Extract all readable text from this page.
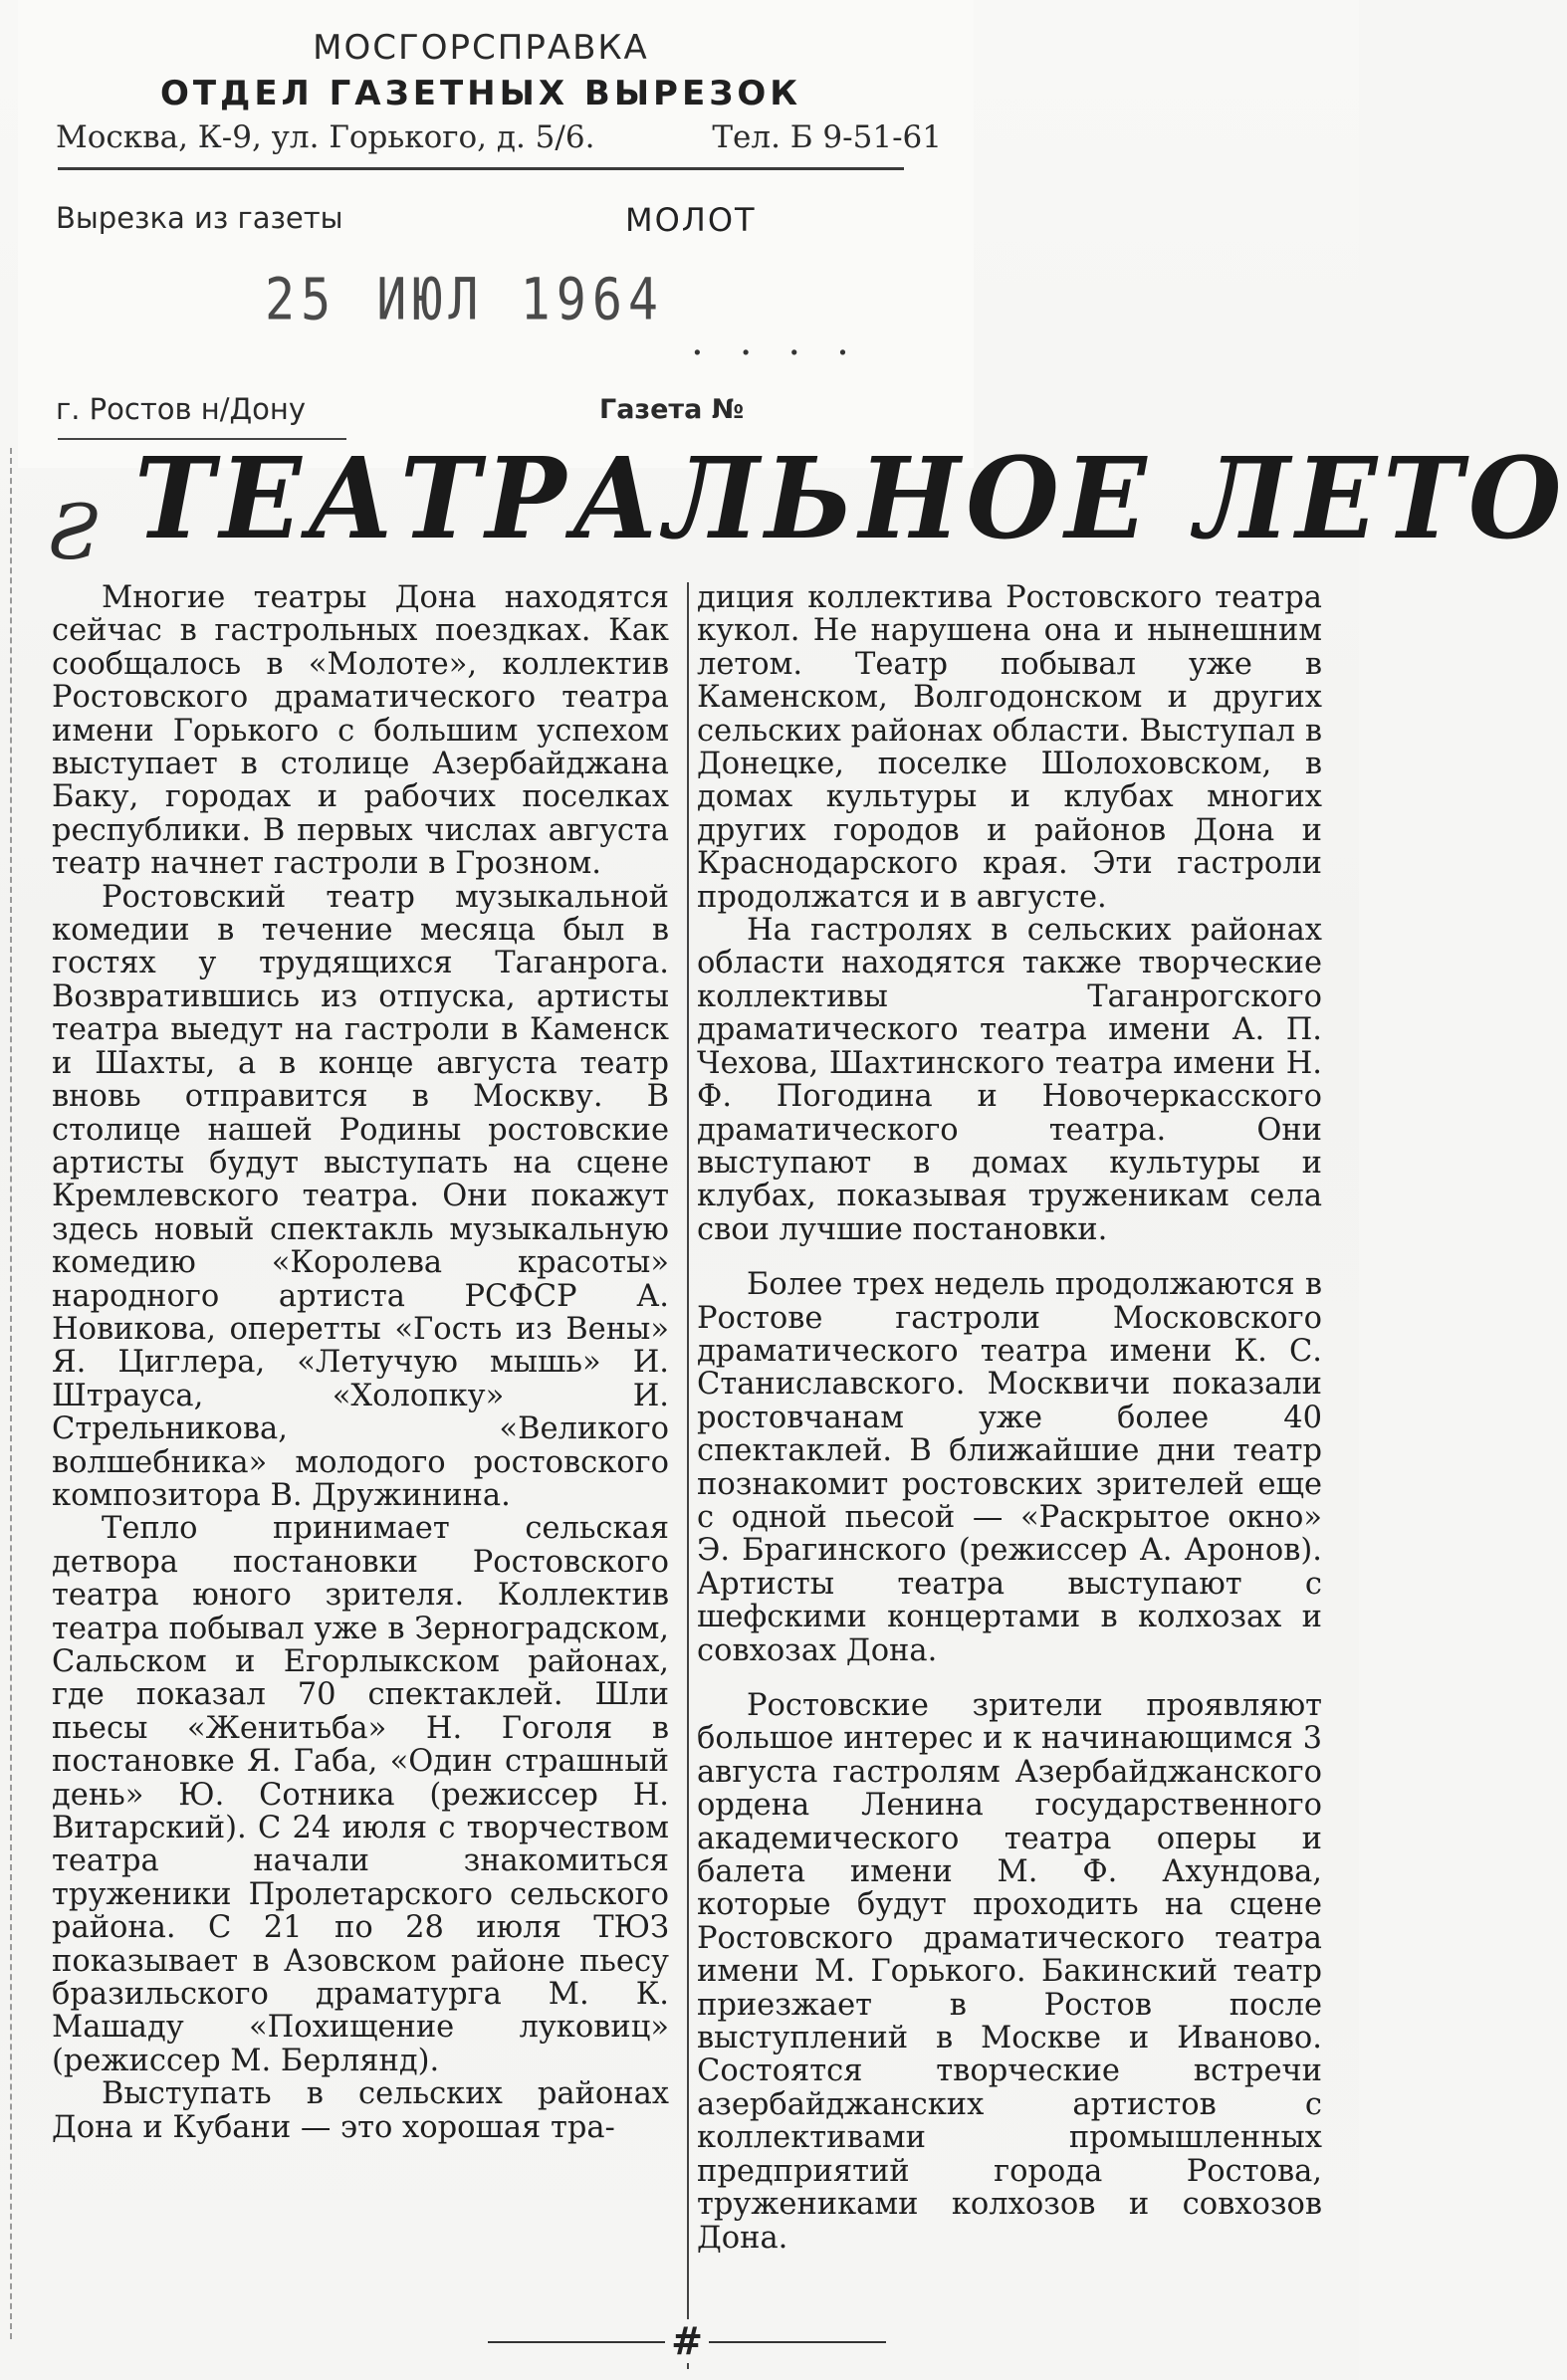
МОСГОРСПРАВКА
ОТДЕЛ ГАЗЕТНЫХ ВЫРЕЗОК
Москва, К-9, ул. Горького, д. 5/6.	Тел. Б 9-51-61
Вырезка из газеты	МОЛОТ
25 ИЮЛ 1964
....
г. Ростов н/Дону	Газета №
Ƨ ТЕАТРАЛЬНОЕ ЛЕТО

Многие театры Дона находятся сейчас в гастрольных поездках. Как сообщалось в «Молоте», коллектив Ростовского драматического театра имени Горького с большим успехом выступает в столице Азербайджана Баку, городах и рабочих поселках республики. В первых числах августа театр начнет гастроли в Грозном.

Ростовский театр музыкальной комедии в течение месяца был в гостях у трудящихся Таганрога. Возвратившись из отпуска, артисты театра выедут на гастроли в Каменск и Шахты, а в конце августа театр вновь отправится в Москву. В столице нашей Родины ростовские артисты будут выступать на сцене Кремлевского театра. Они покажут здесь новый спектакль музыкальную комедию «Королева красоты» народного артиста РСФСР А. Новикова, оперетты «Гость из Вены» Я. Циглера, «Летучую мышь» И. Штрауса, «Холопку» И. Стрельникова, «Великого волшебника» молодого ростовского композитора В. Дружинина.

Тепло принимает сельская детвора постановки Ростовского театра юного зрителя. Коллектив театра побывал уже в Зерноградском, Сальском и Егорлыкском районах, где показал 70 спектаклей. Шли пьесы «Женитьба» Н. Гоголя в постановке Я. Габа, «Один страшный день» Ю. Сотника (режиссер Н. Витарский). С 24 июля с творчеством театра начали знакомиться труженики Пролетарского сельского района. С 21 по 28 июля ТЮЗ показывает в Азовском районе пьесу бразильского драматурга М. К. Машаду «Похищение луковиц» (режиссер М. Берлянд).

Выступать в сельских районах Дона и Кубани — это хорошая тра-

диция коллектива Ростовского театра кукол. Не нарушена она и нынешним летом. Театр побывал уже в Каменском, Волгодонском и других сельских районах области. Выступал в Донецке, поселке Шолоховском, в домах культуры и клубах многих других городов и районов Дона и Краснодарского края. Эти гастроли продолжатся и в августе.

На гастролях в сельских районах области находятся также творческие коллективы Таганрогского драматического театра имени А. П. Чехова, Шахтинского театра имени Н. Ф. Погодина и Новочеркасского драматического театра. Они выступают в домах культуры и клубах, показывая труженикам села свои лучшие постановки.

Более трех недель продолжаются в Ростове гастроли Московского драматического театра имени К. С. Станиславского. Москвичи показали ростовчанам уже более 40 спектаклей. В ближайшие дни театр познакомит ростовских зрителей еще с одной пьесой — «Раскрытое окно» Э. Брагинского (режиссер А. Аронов). Артисты театра выступают с шефскими концертами в колхозах и совхозах Дона.

Ростовские зрители проявляют большое интерес и к начинающимся 3 августа гастролям Азербайджанского ордена Ленина государственного академического театра оперы и балета имени М. Ф. Ахундова, которые будут проходить на сцене Ростовского драматического театра имени М. Горького. Бакинский театр приезжает в Ростов после выступлений в Москве и Иваново. Состоятся творческие встречи азербайджанских артистов с коллективами промышленных предприятий города Ростова, тружениками колхозов и совхозов Дона.

#
